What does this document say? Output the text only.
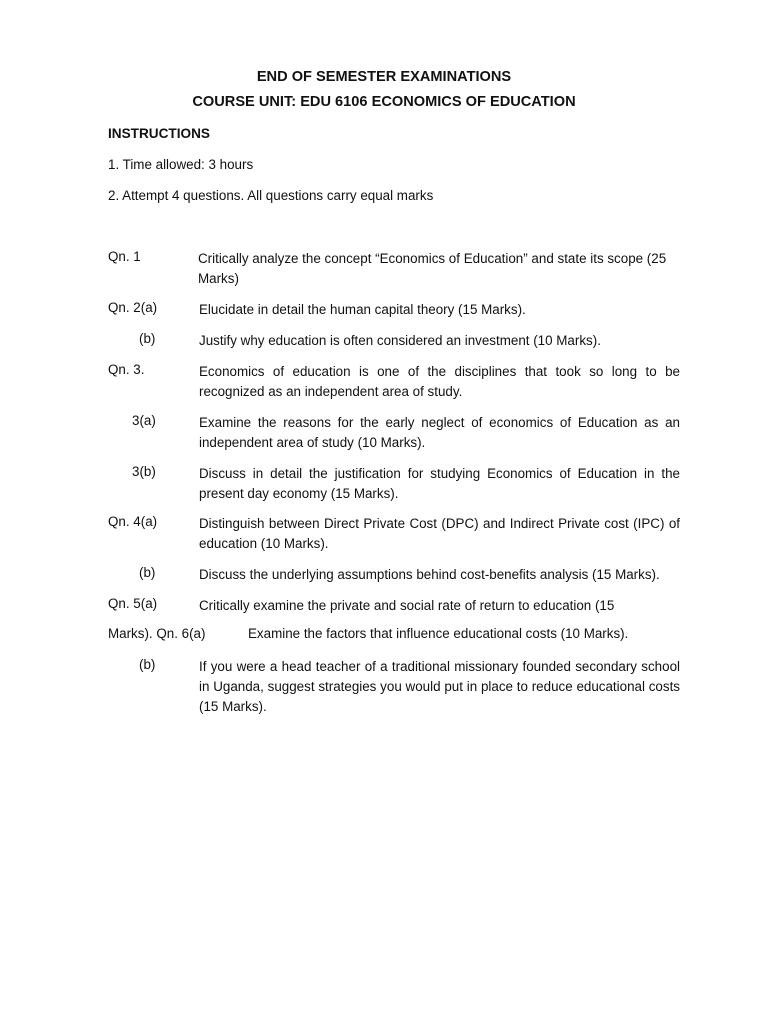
END OF SEMESTER EXAMINATIONS
COURSE UNIT: EDU 6106 ECONOMICS OF EDUCATION
INSTRUCTIONS
1. Time allowed: 3 hours
2. Attempt 4 questions. All questions carry equal marks
Qn. 1	Critically analyze the concept “Economics of Education” and state its scope (25 Marks)
Qn. 2(a)	Elucidate in detail the human capital theory (15 Marks).
(b)	Justify why education is often considered an investment (10 Marks).
Qn. 3.	Economics of education is one of the disciplines that took so long to be recognized as an independent area of study.
3(a)	Examine the reasons for the early neglect of economics of Education as an independent area of study (10 Marks).
3(b)	Discuss in detail the justification for studying Economics of Education in the present day economy (15 Marks).
Qn. 4(a)	Distinguish between Direct Private Cost (DPC) and Indirect Private cost (IPC) of education (10 Marks).
(b)	Discuss the underlying assumptions behind cost-benefits analysis (15 Marks).
Qn. 5(a)	Critically examine the private and social rate of return to education (15
Marks). Qn. 6(a)	Examine the factors that influence educational costs (10 Marks).
(b)	If you were a head teacher of a traditional missionary founded secondary school in Uganda, suggest strategies you would put in place to reduce educational costs (15 Marks).
